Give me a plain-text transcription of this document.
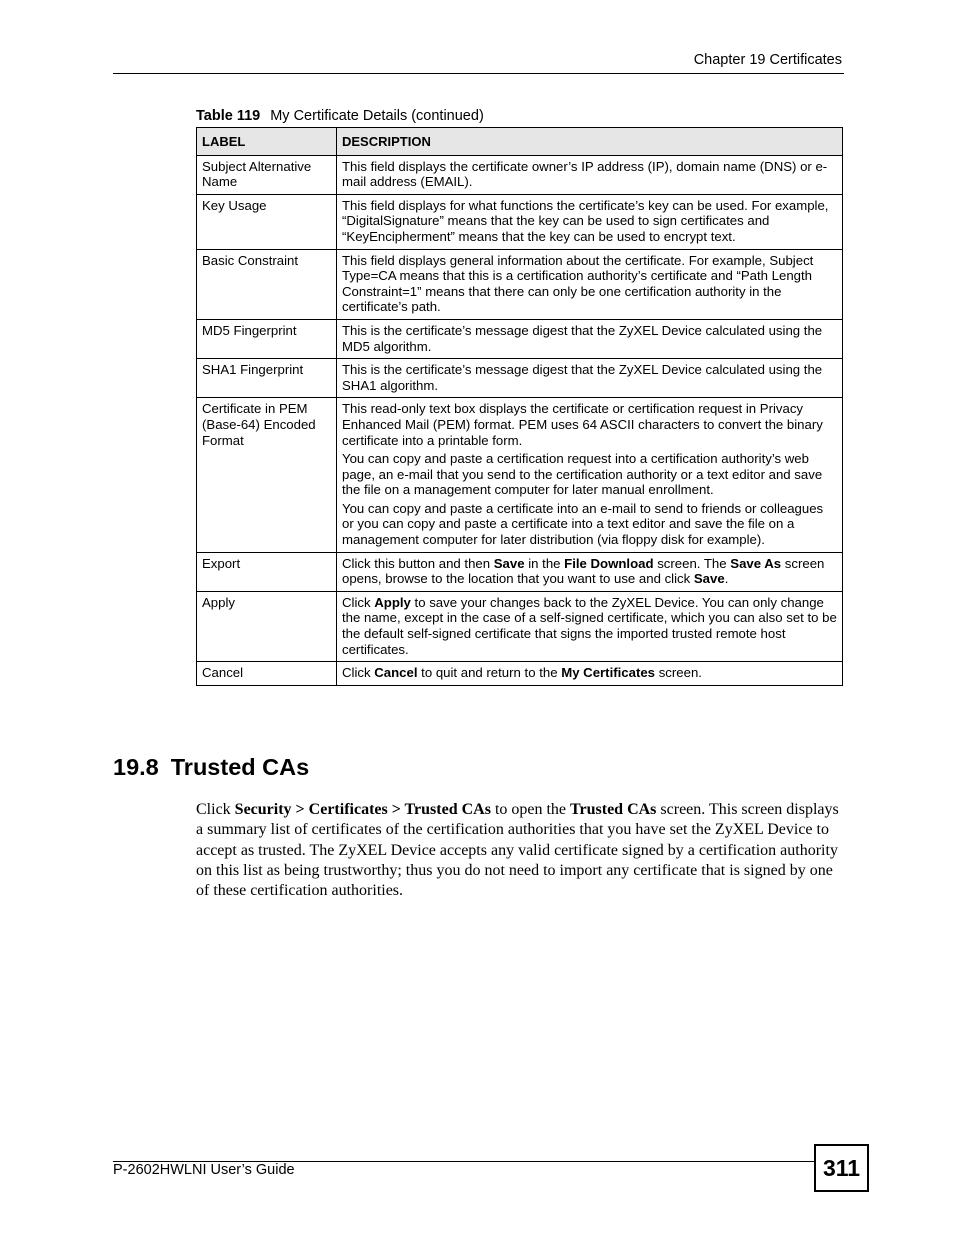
Chapter 19 Certificates
Table 119 My Certificate Details (continued)
LABEL	DESCRIPTION
Subject Alternative Name	This field displays the certificate owner’s IP address (IP), domain name (DNS) or e-mail address (EMAIL).

Key Usage	This field displays for what functions the certificate’s key can be used. For example, “DigitalSignature” means that the key can be used to sign certificates and “KeyEncipherment” means that the key can be used to encrypt text.

Basic Constraint	This field displays general information about the certificate. For example, Subject Type=CA means that this is a certification authority’s certificate and “Path Length Constraint=1” means that there can only be one certification authority in the certificate’s path.

MD5 Fingerprint	This is the certificate’s message digest that the ZyXEL Device calculated using the MD5 algorithm.

SHA1 Fingerprint	This is the certificate’s message digest that the ZyXEL Device calculated using the SHA1 algorithm.

Certificate in PEM (Base-64) Encoded Format	This read-only text box displays the certificate or certification request in Privacy Enhanced Mail (PEM) format. PEM uses 64 ASCII characters to convert the binary certificate into a printable form.

You can copy and paste a certification request into a certification authority’s web page, an e-mail that you send to the certification authority or a text editor and save the file on a management computer for later manual enrollment.

You can copy and paste a certificate into an e-mail to send to friends or colleagues or you can copy and paste a certificate into a text editor and save the file on a management computer for later distribution (via floppy disk for example).

Export	Click this button and then Save in the File Download screen. The Save As screen opens, browse to the location that you want to use and click Save.

Apply	Click Apply to save your changes back to the ZyXEL Device. You can only change the name, except in the case of a self-signed certificate, which you can also set to be the default self-signed certificate that signs the imported trusted remote host certificates.

Cancel	Click Cancel to quit and return to the My Certificates screen.

19.8 Trusted CAs

Click Security > Certificates > Trusted CAs to open the Trusted CAs screen. This screen displays a summary list of certificates of the certification authorities that you have set the ZyXEL Device to accept as trusted. The ZyXEL Device accepts any valid certificate signed by a certification authority on this list as being trustworthy; thus you do not need to import any certificate that is signed by one of these certification authorities.

P-2602HWLNI User’s Guide	311
